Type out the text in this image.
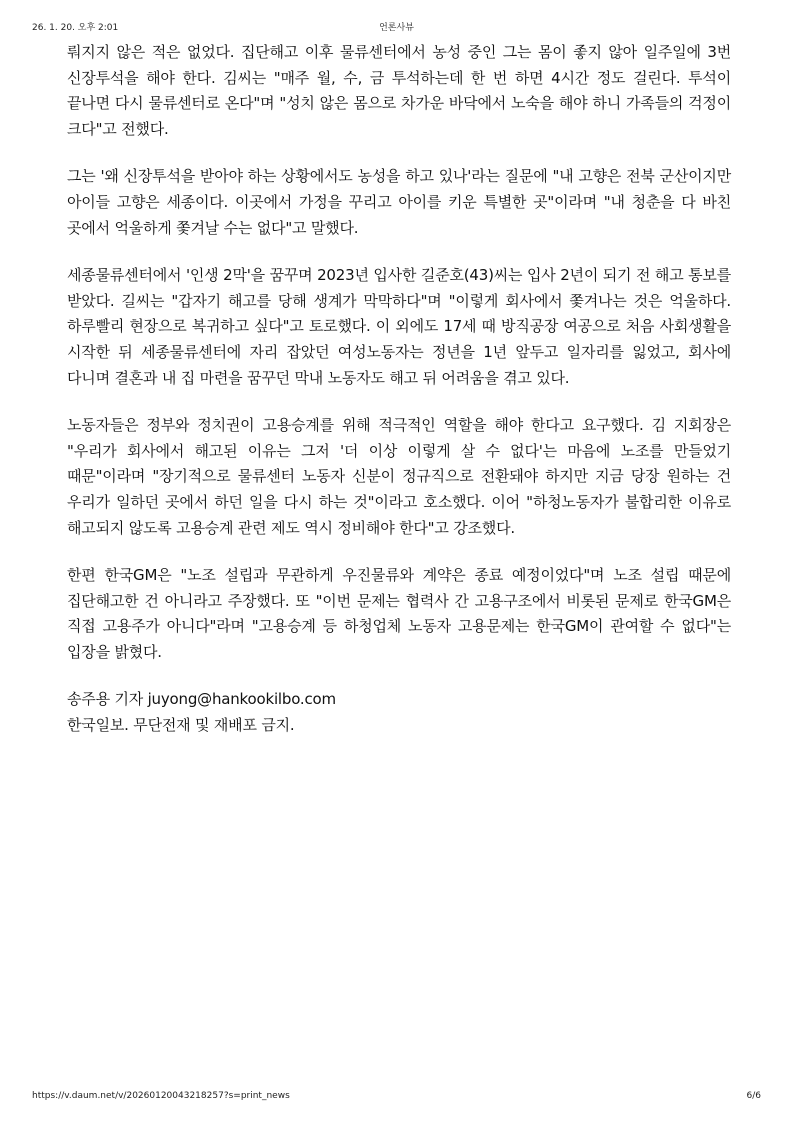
26. 1. 20. 오후 2:01	언론사뷰

뤄지지 않은 적은 없었다. 집단해고 이후 물류센터에서 농성 중인 그는 몸이 좋지 않아 일주일에 3번 신장투석을 해야 한다. 김씨는 "매주 월, 수, 금 투석하는데 한 번 하면 4시간 정도 걸린다. 투석이 끝나면 다시 물류센터로 온다"며 "성치 않은 몸으로 차가운 바닥에서 노숙을 해야 하니 가족들의 걱정이 크다"고 전했다.

그는 '왜 신장투석을 받아야 하는 상황에서도 농성을 하고 있나'라는 질문에 "내 고향은 전북 군산이지만 아이들 고향은 세종이다. 이곳에서 가정을 꾸리고 아이를 키운 특별한 곳"이라며 "내 청춘을 다 바친 곳에서 억울하게 쫓겨날 수는 없다"고 말했다.

세종물류센터에서 '인생 2막'을 꿈꾸며 2023년 입사한 길준호(43)씨는 입사 2년이 되기 전 해고 통보를 받았다. 길씨는 "갑자기 해고를 당해 생계가 막막하다"며 "이렇게 회사에서 쫓겨나는 것은 억울하다. 하루빨리 현장으로 복귀하고 싶다"고 토로했다. 이 외에도 17세 때 방직공장 여공으로 처음 사회생활을 시작한 뒤 세종물류센터에 자리 잡았던 여성노동자는 정년을 1년 앞두고 일자리를 잃었고, 회사에 다니며 결혼과 내 집 마련을 꿈꾸던 막내 노동자도 해고 뒤 어려움을 겪고 있다.

노동자들은 정부와 정치권이 고용승계를 위해 적극적인 역할을 해야 한다고 요구했다. 김 지회장은 "우리가 회사에서 해고된 이유는 그저 '더 이상 이렇게 살 수 없다'는 마음에 노조를 만들었기 때문"이라며 "장기적으로 물류센터 노동자 신분이 정규직으로 전환돼야 하지만 지금 당장 원하는 건 우리가 일하던 곳에서 하던 일을 다시 하는 것"이라고 호소했다. 이어 "하청노동자가 불합리한 이유로 해고되지 않도록 고용승계 관련 제도 역시 정비해야 한다"고 강조했다.

한편 한국GM은 "노조 설립과 무관하게 우진물류와 계약은 종료 예정이었다"며 노조 설립 때문에 집단해고한 건 아니라고 주장했다. 또 "이번 문제는 협력사 간 고용구조에서 비롯된 문제로 한국GM은 직접 고용주가 아니다"라며 "고용승계 등 하청업체 노동자 고용문제는 한국GM이 관여할 수 없다"는 입장을 밝혔다.

송주용 기자 juyong@hankookilbo.com
한국일보. 무단전재 및 재배포 금지.
https://v.daum.net/v/20260120043218257?s=print_news	6/6
